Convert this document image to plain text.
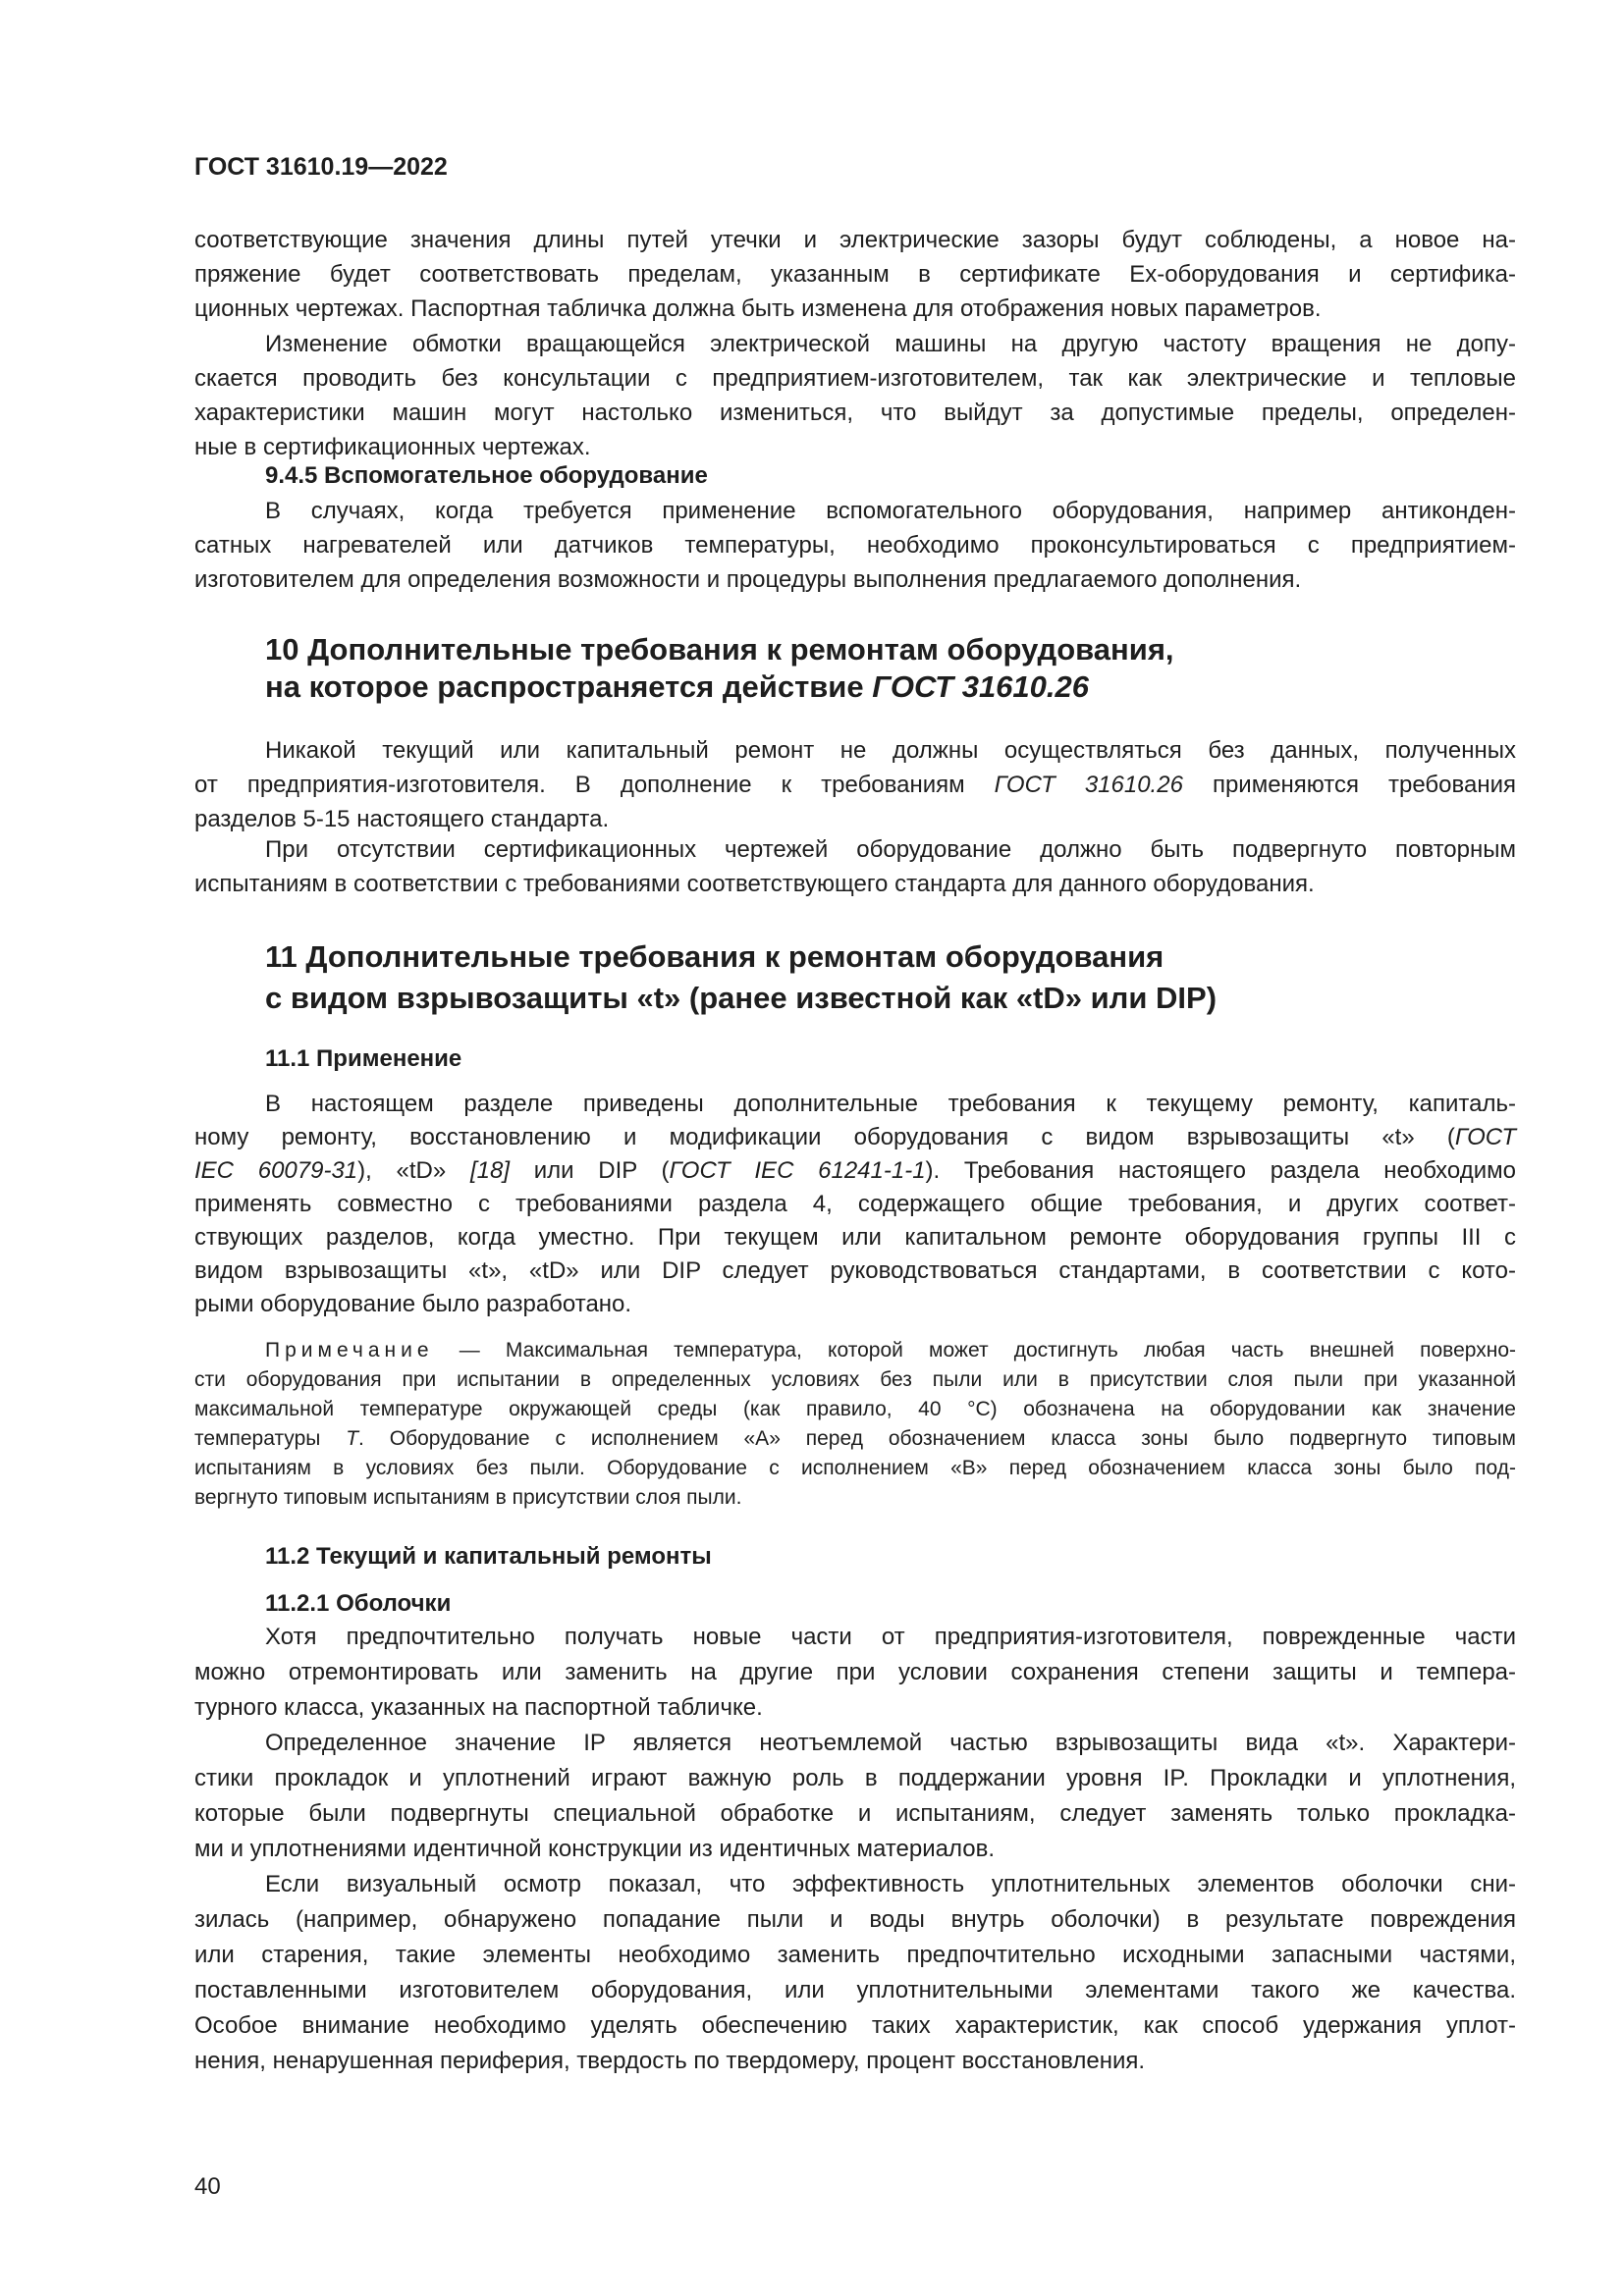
ГОСТ 31610.19—2022
соответствующие значения длины путей утечки и электрические зазоры будут соблюдены, а новое на-
пряжение будет соответствовать пределам, указанным в сертификате Ex-оборудования и сертифика-
ционных чертежах. Паспортная табличка должна быть изменена для отображения новых параметров.
Изменение обмотки вращающейся электрической машины на другую частоту вращения не допу-
скается проводить без консультации с предприятием-изготовителем, так как электрические и тепловые
характеристики машин могут настолько измениться, что выйдут за допустимые пределы, определен-
ные в сертификационных чертежах.
9.4.5 Вспомогательное оборудование
В случаях, когда требуется применение вспомогательного оборудования, например антиконден-
сатных нагревателей или датчиков температуры, необходимо проконсультироваться с предприятием-
изготовителем для определения возможности и процедуры выполнения предлагаемого дополнения.
10 Дополнительные требования к ремонтам оборудования,
на которое распространяется действие ГОСТ 31610.26
Никакой текущий или капитальный ремонт не должны осуществляться без данных, полученных
от предприятия-изготовителя. В дополнение к требованиям ГОСТ 31610.26 применяются требования
разделов 5-15 настоящего стандарта.
При отсутствии сертификационных чертежей оборудование должно быть подвергнуто повторным
испытаниям в соответствии с требованиями соответствующего стандарта для данного оборудования.
11 Дополнительные требования к ремонтам оборудования
с видом взрывозащиты «t» (ранее известной как «tD» или DIP)
11.1 Применение
В настоящем разделе приведены дополнительные требования к текущему ремонту, капиталь-
ному ремонту, восстановлению и модификации оборудования с видом взрывозащиты «t» (ГОСТ
IEC 60079-31), «tD» [18] или DIP (ГОСТ IEC 61241-1-1). Требования настоящего раздела необходимо
применять совместно с требованиями раздела 4, содержащего общие требования, и других соответ-
ствующих разделов, когда уместно. При текущем или капитальном ремонте оборудования группы III с
видом взрывозащиты «t», «tD» или DIP следует руководствоваться стандартами, в соответствии с кото-
рыми оборудование было разработано.
Примечание — Максимальная температура, которой может достигнуть любая часть внешней поверхно-
сти оборудования при испытании в определенных условиях без пыли или в присутствии слоя пыли при указанной
максимальной температуре окружающей среды (как правило, 40 °С) обозначена на оборудовании как значение
температуры T. Оборудование с исполнением «А» перед обозначением класса зоны было подвергнуто типовым
испытаниям в условиях без пыли. Оборудование с исполнением «В» перед обозначением класса зоны было под-
вергнуто типовым испытаниям в присутствии слоя пыли.
11.2 Текущий и капитальный ремонты
11.2.1 Оболочки
Хотя предпочтительно получать новые части от предприятия-изготовителя, поврежденные части
можно отремонтировать или заменить на другие при условии сохранения степени защиты и темпера-
турного класса, указанных на паспортной табличке.
Определенное значение IP является неотъемлемой частью взрывозащиты вида «t». Характери-
стики прокладок и уплотнений играют важную роль в поддержании уровня IP. Прокладки и уплотнения,
которые были подвергнуты специальной обработке и испытаниям, следует заменять только прокладка-
ми и уплотнениями идентичной конструкции из идентичных материалов.
Если визуальный осмотр показал, что эффективность уплотнительных элементов оболочки сни-
зилась (например, обнаружено попадание пыли и воды внутрь оболочки) в результате повреждения
или старения, такие элементы необходимо заменить предпочтительно исходными запасными частями,
поставленными изготовителем оборудования, или уплотнительными элементами такого же качества.
Особое внимание необходимо уделять обеспечению таких характеристик, как способ удержания уплот-
нения, ненарушенная периферия, твердость по твердомеру, процент восстановления.
40
